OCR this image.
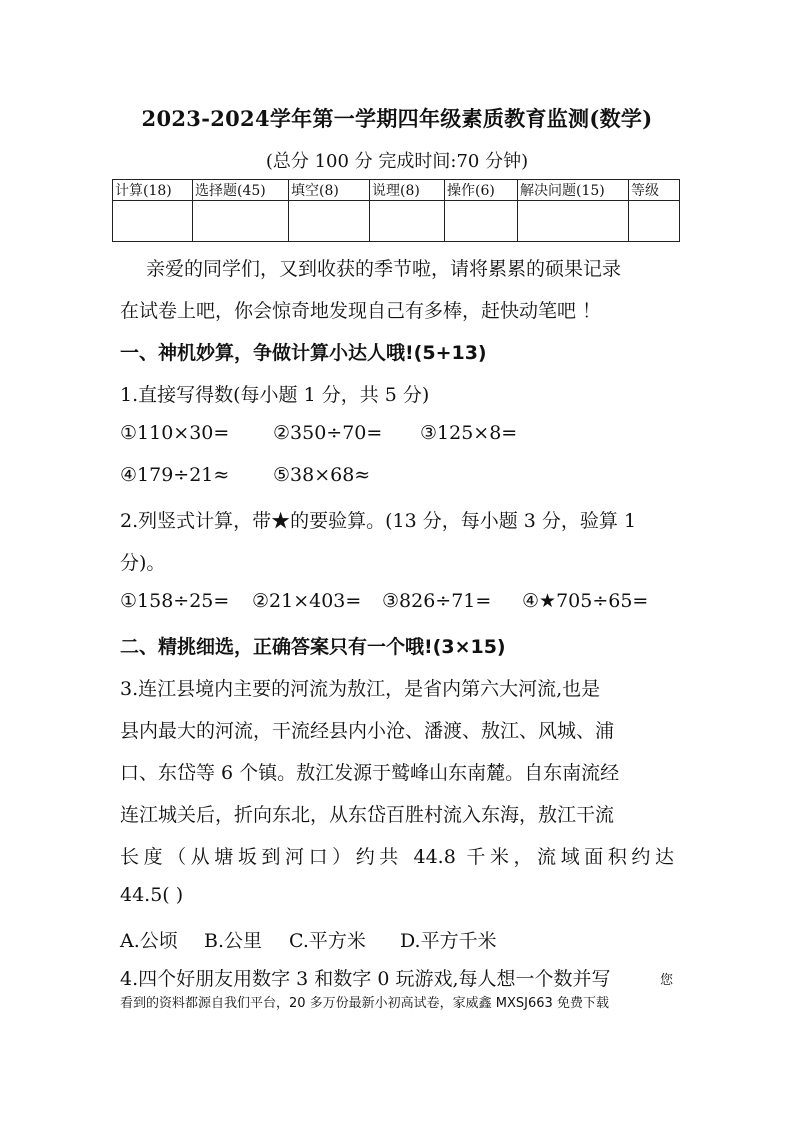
2023-2024学年第一学期四年级素质教育监测(数学)
(总分 100 分 完成时间:70 分钟)
计算(18)	选择题(45)	填空(8)	说理(8)	操作(6)	解决问题(15)	等级

亲爱的同学们，又到收获的季节啦，请将累累的硕果记录
在试卷上吧，你会惊奇地发现自己有多棒，赶快动笔吧 ！
一、神机妙算，争做计算小达人哦!(5+13)
1.直接写得数(每小题 1 分，共 5 分)
①110×30= ②350÷70= ③125×8=
④179÷21≈ ⑤38×68≈
2.列竖式计算，带★的要验算。(13 分，每小题 3 分，验算 1
分)。
①158÷25= ②21×403= ③826÷71= ④★705÷65=
二、精挑细选，正确答案只有一个哦!(3×15)
3.连江县境内主要的河流为敖江，是省内第六大河流,也是
县内最大的河流，干流经县内小沧、潘渡、敖江、风城、浦
口、东岱等 6 个镇。敖江发源于鹫峰山东南麓。自东南流经
连江城关后，折向东北，从东岱百胜村流入东海，敖江干流
长度（从塘坂到河口）约共 44.8 千米，流域面积约达
44.5( )
A.公顷 B.公里 C.平方米 D.平方千米
4.四个好朋友用数字 3 和数字 0 玩游戏,每人想一个数并写	您
看到的资料都源自我们平台，20 多万份最新小初高试卷，家威鑫 MXSJ663 免费下载
